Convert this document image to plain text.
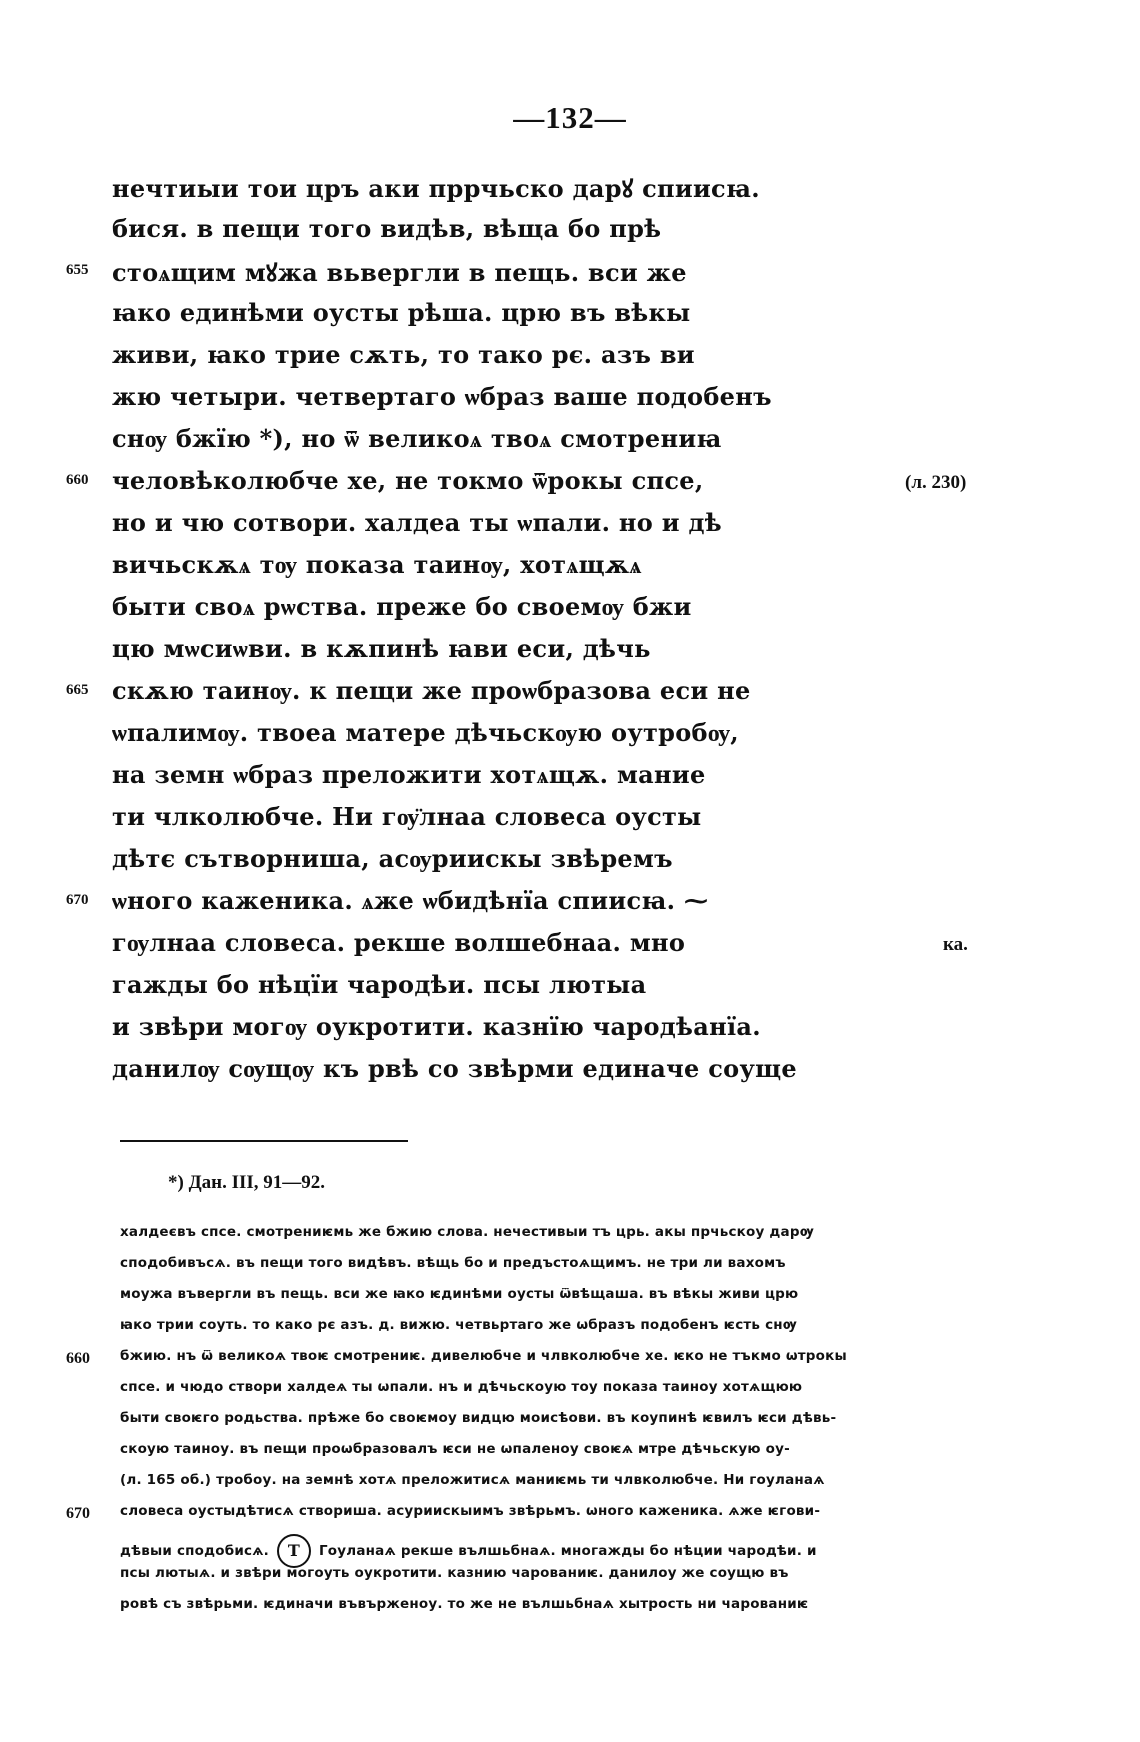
—132—
нечтиыи тои цръ аки пррчьско дарꙋ спиисꙗ.
бися. в пещи того видѣв, вѣща бо прѣ
655 стоѧщим мꙋжа вьвергли в пещь. вси же
ꙗко единѣми оусты рѣша. црю въ вѣкы
живи, ꙗко трие сѫть, то тако рє. азъ ви
жю четыри. четвертаго ѡбраз ваше подобенъ
снѹ бжїю *), но ѿ великоѧ твоѧ смотрениꙗ
660 человѣколюбче хе, не токмо ѿрокы спсе,	(л. 230)
но и чю сотвори. халдеа ты ѡпали. но и дѣ
вичьскѫѧ тѹ показа таинѹ, хотѧщѫѧ
быти своѧ рѡства. преже бо своемѹ бжи
цю мѡсиѡви. в кѫпинѣ ꙗви еси, дѣчь
665 скѫю таинѹ. к пещи же проѡбразова еси не
ѡпалимѹ. твоеа матере дѣчьскѹю оутробѹ,
на земн ѡбраз преложити хотѧщѫ. мание
ти члколюбче. Ни гѹ̈лнаа словеса оусты
дѣтє сътворниша, асѹриискы звѣремъ
670 ѡного каженика. ѧже ѡбидѣнїа спиисꙗ. ⁓
гѹлнаа словеса. рекше волшебнаа. мно	ка.
гажды бо нѣцїи чародѣи. псы лютыа
и звѣри могѹ оукротити. казнїю чародѣанїа.
данилѹ сѹщѹ къ рвѣ со звѣрми единаче соуще
*) Дан. III, 91—92.
халдеєвъ спсе. смотрениѥмь же бжию слова. нечестивыи тъ црь. акы прчьскоу дарѹ
сподобивъсѧ. въ пещи того видѣвъ. вѣщь бо и предъстоѧщимъ. не три ли вахомъ
моужа въвергли въ пещь. вси же ꙗко ѥдинѣми оусты ѿвѣщаша. въ вѣкы живи црю
ꙗко трии соуть. то како рє азъ. д. вижю. четвьртаго же ѡбразъ подобенъ ѥсть снѹ
660 бжию. нъ ѿ великоѧ твоѥ смотрениѥ. дивелюбче и члвколюбче хе. ѥко не тъкмо ѡтрокы
спсе. и чюдо створи халдеѧ ты ѡпали. нъ и дѣчьскоую тоу показа таиноу хотѧщюю
быти своѥго родьства. прѣже бо своѥмоу видцю моисѣови. въ коупинѣ ѥвилъ ѥси дѣвь-
скоую таиноу. въ пещи проѡбразовалъ ѥси не ѡпаленоу своѥѧ мтре дѣчьскую оу-
(л. 165 об.) тробоу. на земнѣ хотѧ преложитисѧ маниѥмь ти члвколюбче. Ни гоуланаѧ
670 словеса оустыдѣтисѧ створиша. асуриискыимъ звѣрьмъ. ѡного каженика. ѧже ѥгови-
дѣвыи сподобисѧ. Т Гоуланаѧ рекше вълшьбнаѧ. многажды бо нѣции чародѣи. и
псы лютыѧ. и звѣри могоуть оукротити. казнию чарованиѥ. данилоу же соущю въ
ровѣ съ звѣрьми. ѥдиначи въвърженоу. то же не вълшьбнаѧ хытрость ни чарованиѥ
